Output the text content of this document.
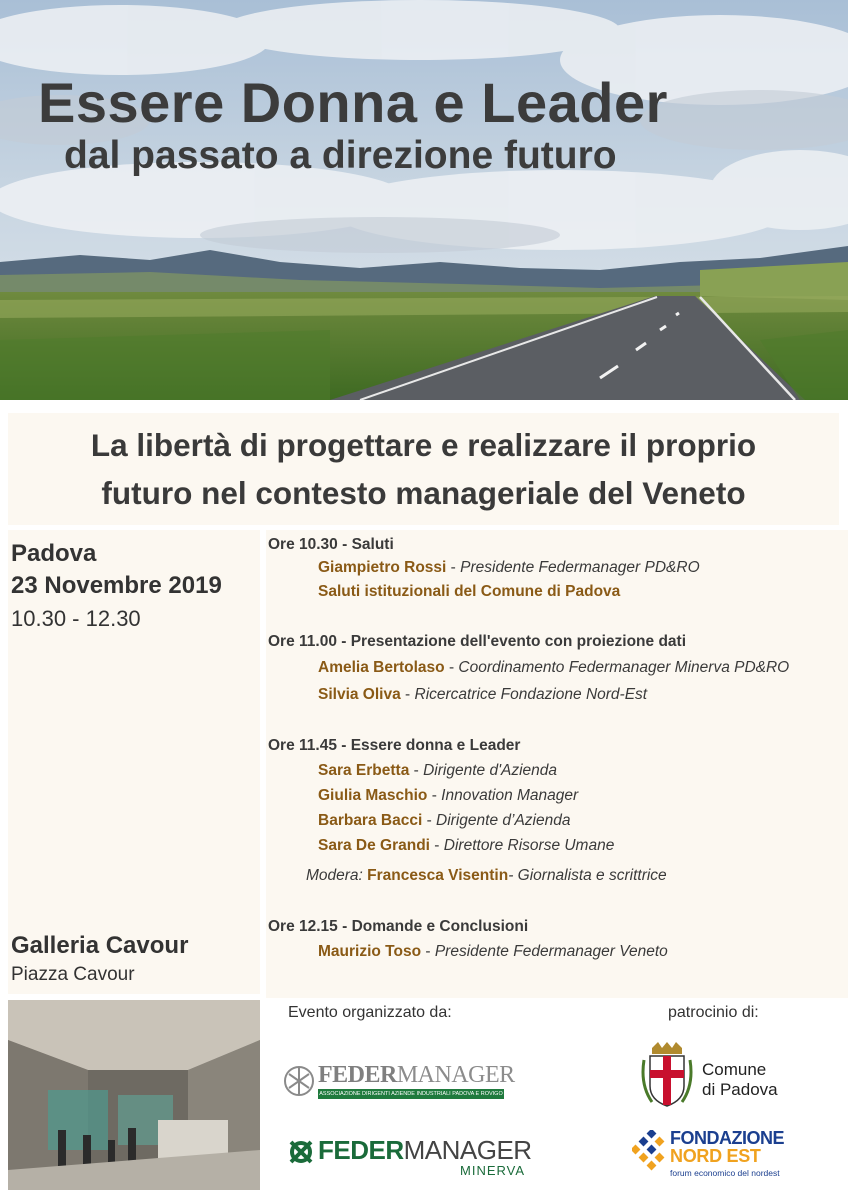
Essere Donna e Leader
dal passato a direzione futuro
La libertà di progettare e realizzare il proprio
futuro nel contesto manageriale del Veneto
Padova
23 Novembre 2019
10.30 - 12.30
Galleria Cavour
Piazza Cavour
Ore 10.30 - Saluti
Giampietro Rossi - Presidente Federmanager PD&RO
Saluti istituzionali del Comune di Padova
Ore 11.00 - Presentazione dell'evento con proiezione dati
Amelia Bertolaso - Coordinamento Federmanager Minerva PD&RO
Silvia Oliva - Ricercatrice Fondazione Nord-Est
Ore 11.45 - Essere donna e Leader
Sara Erbetta - Dirigente d'Azienda
Giulia Maschio - Innovation Manager
Barbara Bacci - Dirigente d’Azienda
Sara De Grandi - Direttore Risorse Umane
Modera: Francesca Visentin- Giornalista e scrittrice
Ore 12.15 - Domande e Conclusioni
Maurizio Toso - Presidente Federmanager Veneto
Evento organizzato da:	patrocinio di:
FEDERMANAGER
ASSOCIAZIONE DIRIGENTI AZIENDE INDUSTRIALI PADOVA E ROVIGO
FEDERMANAGER
MINERVA
Comune
di Padova
FONDAZIONE
NORD EST
forum economico del nordest
